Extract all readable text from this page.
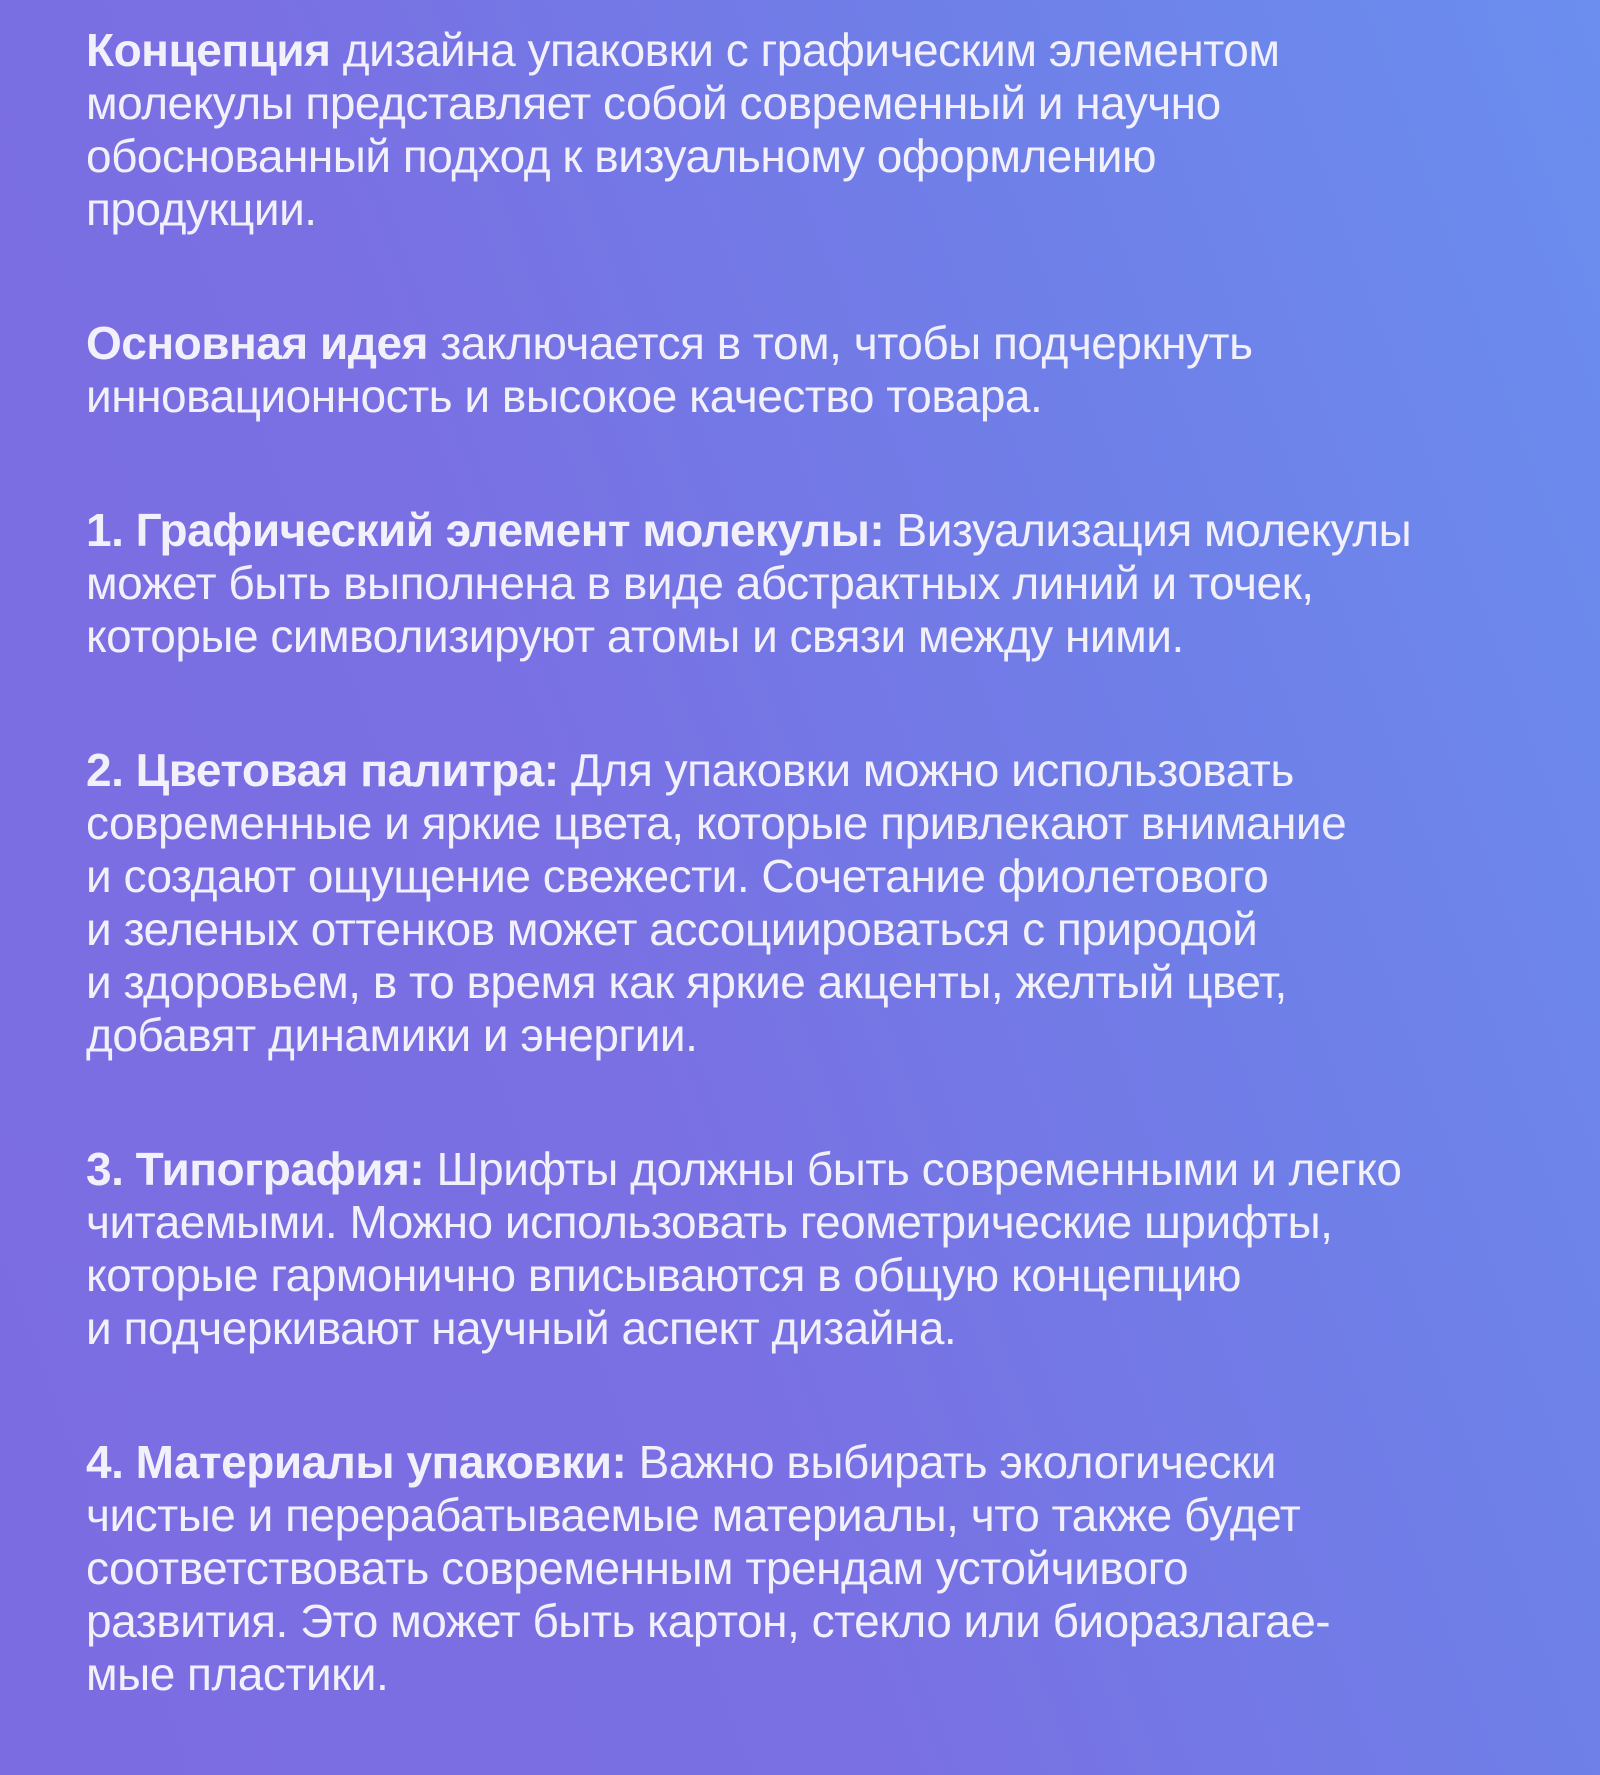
Концепция дизайна упаковки с графическим элементом
молекулы представляет собой современный и научно
обоснованный подход к визуальному оформлению
продукции.

Основная идея заключается в том, чтобы подчеркнуть
инновационность и высокое качество товара.

1. Графический элемент молекулы: Визуализация молекулы
может быть выполнена в виде абстрактных линий и точек,
которые символизируют атомы и связи между ними.

2. Цветовая палитра: Для упаковки можно использовать
современные и яркие цвета, которые привлекают внимание
и создают ощущение свежести. Сочетание фиолетового
и зеленых оттенков может ассоциироваться с природой
и здоровьем, в то время как яркие акценты, желтый цвет,
добавят динамики и энергии.

3. Типография: Шрифты должны быть современными и легко
читаемыми. Можно использовать геометрические шрифты,
которые гармонично вписываются в общую концепцию
и подчеркивают научный аспект дизайна.

4. Материалы упаковки: Важно выбирать экологически
чистые и перерабатываемые материалы, что также будет
соответствовать современным трендам устойчивого
развития. Это может быть картон, стекло или биоразлагае-
мые пластики.
